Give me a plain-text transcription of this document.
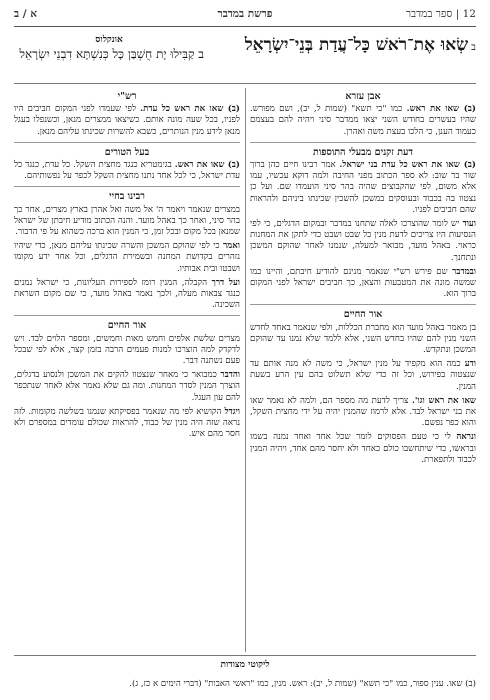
12 | ספר במדבר
פרשת במדבר
א / ב
בשְׂאוּ אֶת־רֹאשׁ כָּל־עֲדַת בְּנֵי־יִשְׂרָאֵל
אונקלוס
ב קַבִּילוּ יָת חֻשְׁבַּן כָּל כְּנִשְׁתָּא דִבְנֵי יִשְׂרָאֵל
אבן עזרא

(ב) שאו את ראש. כמו "כי תשא" (שמות ל, יב), ושם מפורש. שהיו בעשרים בחודש השני יצאו ממדבר סיני ויהיה להם בעצמם כעמוד הענן, כי הלכו בעצת משה ואהרן.

דעת זקנים מבעלי התוספות

(ב) שאו את ראש כל עדת בני ישראל. אמר רבינו חיים כהן ברוך שור בר שוב: לא ספר הכתוב מפני החיבה ולמה דוקא עכשיו, עמו אלא משום, לפי שהקבוצים שהיה בהר סיני הועמדו שם. ועל כן נצטוו בה בכבוד ובעוסקים במשכן להשכין שכינתו ביניהם ולהראות שהם חביבים לפניו.

ועוד יש לומר שהוצרכו לאלה שתחנו במדבר ובמקום הדגלים, כי לפי הנסיעות היו צריכים לדעת מנין כל שבט ושבט כדי לתקן את המחנות כראוי. באהל מועד, מבואר למעלה, שנמנו לאחר שהוקם המשכן ונתחנך.

ובמדבר שם פירש רש"י שנאמר מנינם להודיע חיבתם, והיינו כמו שמשה מונה את המטבעות והצאן, כך חביבים ישראל לפני המקום ברוך הוא.

אור החיים

בן מאמר באהל מועד הוא מחברת הכללות, ולפי שנאמר באחד לחדש השני מנין להם שהיו בחדש השני, אלא ללמד שלא נמנו עד שהוקם המשכן ונתקדש.

ודע כמה הוא מקפיד על מנין ישראל, כי משה לא מנה אותם עד שנצטוה בפירוש, וכל זה כדי שלא תשלוט בהם עין הרע בשעת המנין.

שאו את ראש וגו'. צריך לדעת מה מספר הם, ולמה לא נאמר שאו את בני ישראל לבד. אלא לרמוז שהמנין יהיה על ידי מחצית השקל, והוא כפר נפשם.

ונראה לי כי טעם הפסוקים לומר שכל אחד ואחד נמנה בשמו ובראשו, כדי שיתחשבו כולם כאחד ולא יחסר מהם אחד, ויהיה המנין לכבוד ולתפארת.

רש"י

(ב) שאו את ראש כל עדת. לפי שעמדו לפני המקום חביבים היו לפניו, בכל שעה מונה אותם. כשיצאו ממצרים מנאן, וכשנפלו בעגל מנאן לידע מנין הנותרים, כשבא להשרות שכינתו עליהם מנאן.

בעל הטורים

(ב) שאו את ראש. בגימטריא כנגד מחצית השקל. כל עדת, כנגד כל עדת ישראל, כי לכל אחד נתנו מחצית השקל לכפר על נפשותיהם.

רבינו בחיי

במצרים שנאמר ויאמר ה' אל משה ואל אהרן בארץ מצרים, אחר כך בהר סיני, ואחר כך באהל מועד. והנה הכתוב מודיע חיבתן של ישראל שמנאן בכל מקום ובכל זמן, כי המנין הוא ברכה כשהוא על פי הדבור.

ואמר כי לפי שהוקם המשכן והשרה שכינתו עליהם מנאן, כדי שיהיו נזהרים בקדושת המחנה ובשמירת הדגלים, וכל אחד ידע מקומו ושבטו ובית אבותיו.

ועל דרך הקבלה, המנין רומז לספירות העליונות, כי ישראל נמנים כנגד צבאות מעלה, ולכך נאמר באהל מועד, כי שם מקום השראת השכינה.

אור החיים

מצרים שלשת אלפים וחמש מאות וחמשים, ומספר הלוים לבד. ויש לדקדק למה הוצרכו למנות פעמים הרבה בזמן קצר, אלא לפי שבכל פעם נשתנה דבר.

והדבר כמבואר כי מאחר שנצטוו להקים את המשכן ולנסוע בדגלים, הוצרך המנין לסדר המחנות. ומה גם שלא נאמר אלא לאחר שנתכפר להם עון העגל.

ויגדל הקושיא לפי מה שנאמר בפסיקתא שנמנו בשלשה מקומות. לזה נראה שזה היה מנין של כבוד, להראות שכולם עומדים במספרם ולא חסר מהם איש.

ליקוטי מצודות
(ב) שאו. ענין ספור, כמו "כי תשא" (שמות ל, יב): ראש. מנין, כמו "ראשי האבות" (דברי הימים א כז, ג).
